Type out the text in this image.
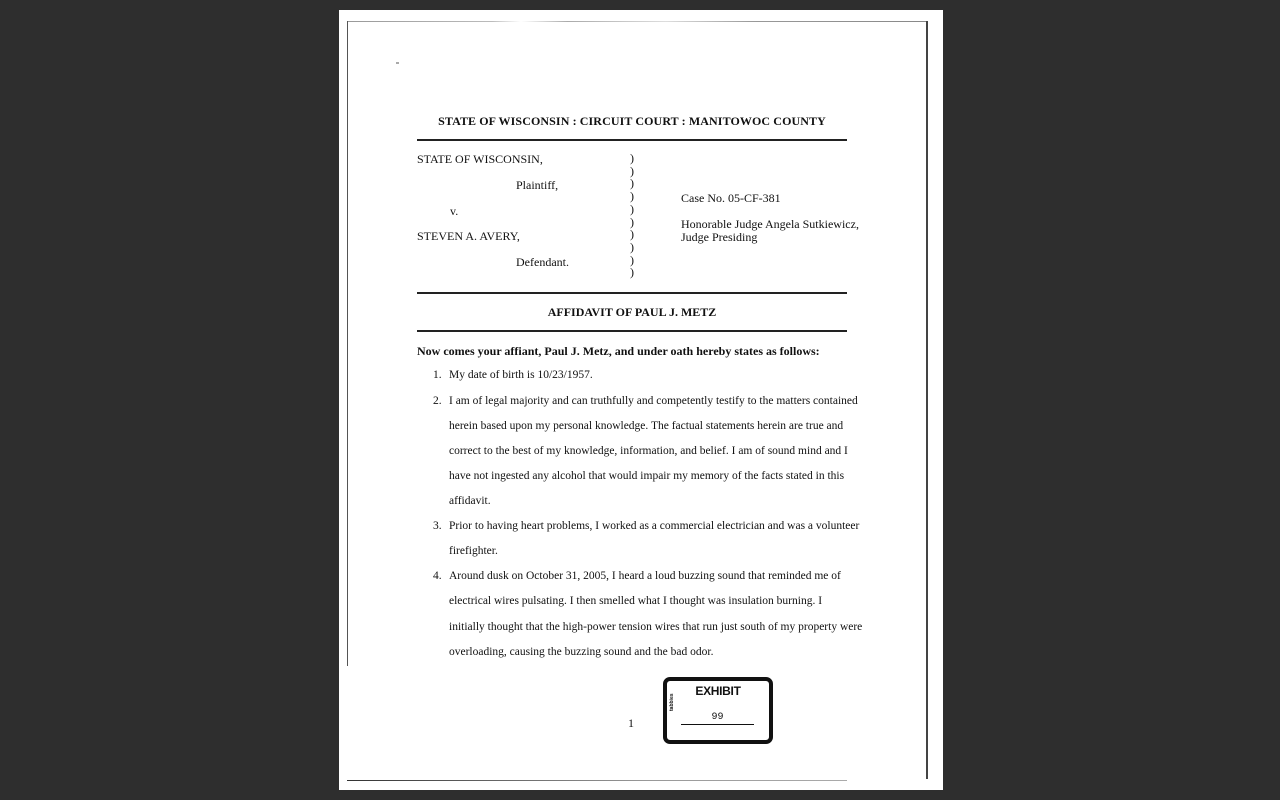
STATE OF WISCONSIN : CIRCUIT COURT : MANITOWOC COUNTY
STATE OF WISCONSIN,
Plaintiff,
v.
STEVEN A. AVERY,
Defendant.
)
)
)
)
)
)
)
)
)
)
Case No. 05-CF-381
Honorable Judge Angela Sutkiewicz,
Judge Presiding
AFFIDAVIT OF PAUL J. METZ
Now comes your affiant, Paul J. Metz, and under oath hereby states as follows:
1. My date of birth is 10/23/1957.
2. I am of legal majority and can truthfully and competently testify to the matters contained
herein based upon my personal knowledge. The factual statements herein are true and
correct to the best of my knowledge, information, and belief. I am of sound mind and I
have not ingested any alcohol that would impair my memory of the facts stated in this
affidavit.
3. Prior to having heart problems, I worked as a commercial electrician and was a volunteer
firefighter.
4. Around dusk on October 31, 2005, I heard a loud buzzing sound that reminded me of
electrical wires pulsating. I then smelled what I thought was insulation burning. I
initially thought that the high-power tension wires that run just south of my property were
overloading, causing the buzzing sound and the bad odor.
1
EXHIBIT
tabbies
99
